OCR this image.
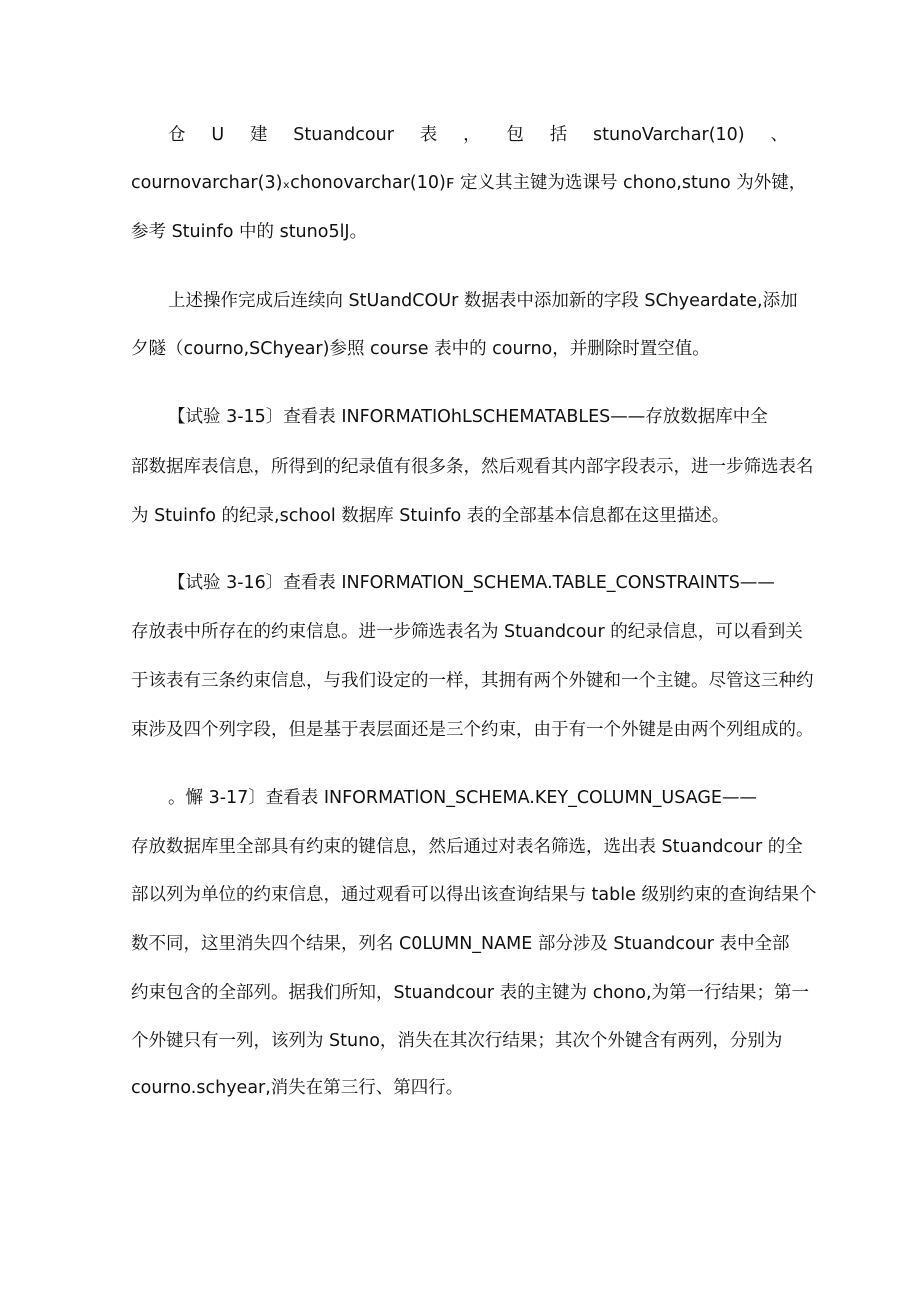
仓 U 建 Stuandcour 表 ， 包 括 stunoVarchar(10) 、
cournovarchar(3)ₓchonovarchar(10)ꜰ 定义其主键为选课号 chono,stuno 为外键，
参考 Stuinfo 中的 stuno5lJ。
上述操作完成后连续向 StUandCOUr 数据表中添加新的字段 SChyeardate,添加
夕隧（courno,SChyear)参照 course 表中的 courno，并删除时置空值。
【试验 3-15〕查看表 INFORMATIOhLSCHEMATABLES——存放数据库中全
部数据库表信息，所得到的纪录值有很多条，然后观看其内部字段表示，进一步筛选表名
为 Stuinfo 的纪录,school 数据库 Stuinfo 表的全部基本信息都在这里描述。
【试验 3-16〕查看表 INFORMATION_SCHEMA.TABLE_CONSTRAINTS——
存放表中所存在的约束信息。进一步筛选表名为 Stuandcour 的纪录信息，可以看到关
于该表有三条约束信息，与我们设定的一样，其拥有两个外键和一个主键。尽管这三种约
束涉及四个列字段，但是基于表层面还是三个约束，由于有一个外键是由两个列组成的。
。懈 3-17〕查看表 INFORMATlON_SCHEMA.KEY_COLUMN_USAGE——
存放数据库里全部具有约束的键信息，然后通过对表名筛选，选出表 Stuandcour 的全
部以列为单位的约束信息，通过观看可以得出该查询结果与 table 级别约束的查询结果个
数不同，这里消失四个结果，列名 C0LUMN_NAME 部分涉及 Stuandcour 表中全部
约束包含的全部列。据我们所知，Stuandcour 表的主键为 chono,为第一行结果；第一
个外键只有一列，该列为 Stuno，消失在其次行结果；其次个外键含有两列，分别为
courno.schyear,消失在第三行、第四行。
